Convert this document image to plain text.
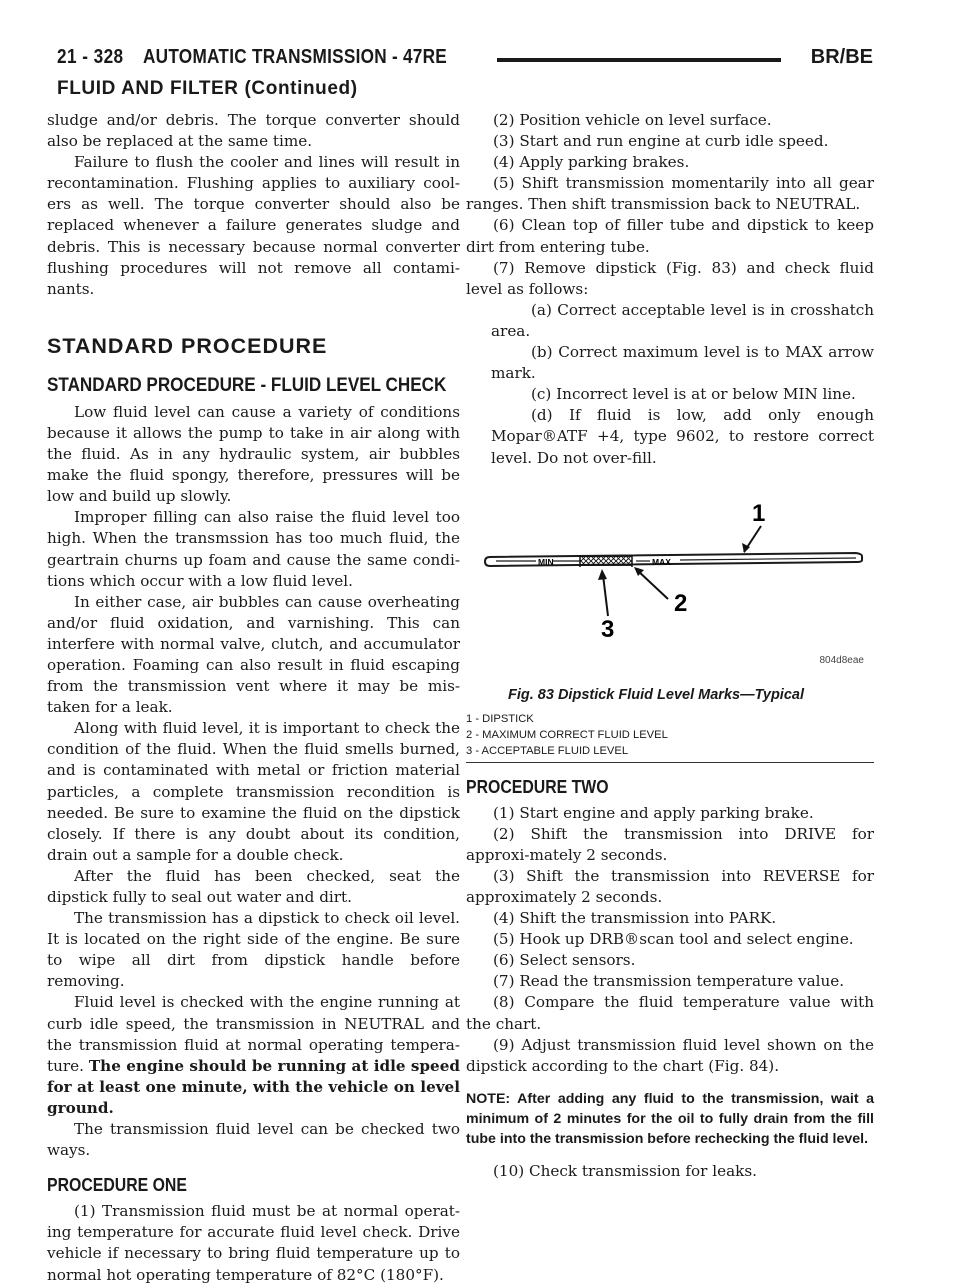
21 - 328 AUTOMATIC TRANSMISSION - 47RE	BR/BE
FLUID AND FILTER (Continued)

sludge and/or debris. The torque converter should also be replaced at the same time.

Failure to flush the cooler and lines will result in recontamination. Flushing applies to auxiliary cool-ers as well. The torque converter should also be replaced whenever a failure generates sludge and debris. This is necessary because normal converter flushing procedures will not remove all contami-nants.

STANDARD PROCEDURE
STANDARD PROCEDURE - FLUID LEVEL CHECK

Low fluid level can cause a variety of conditions because it allows the pump to take in air along with the fluid. As in any hydraulic system, air bubbles make the fluid spongy, therefore, pressures will be low and build up slowly.

Improper filling can also raise the fluid level too high. When the transmssion has too much fluid, the geartrain churns up foam and cause the same condi-tions which occur with a low fluid level.

In either case, air bubbles can cause overheating and/or fluid oxidation, and varnishing. This can interfere with normal valve, clutch, and accumulator operation. Foaming can also result in fluid escaping from the transmission vent where it may be mis-taken for a leak.

Along with fluid level, it is important to check the condition of the fluid. When the fluid smells burned, and is contaminated with metal or friction material particles, a complete transmission recondition is needed. Be sure to examine the fluid on the dipstick closely. If there is any doubt about its condition, drain out a sample for a double check.

After the fluid has been checked, seat the dipstick fully to seal out water and dirt.

The transmission has a dipstick to check oil level. It is located on the right side of the engine. Be sure to wipe all dirt from dipstick handle before removing.

Fluid level is checked with the engine running at curb idle speed, the transmission in NEUTRAL and the transmission fluid at normal operating tempera-ture. The engine should be running at idle speed for at least one minute, with the vehicle on level ground.

The transmission fluid level can be checked two ways.

PROCEDURE ONE

(1) Transmission fluid must be at normal operat-ing temperature for accurate fluid level check. Drive vehicle if necessary to bring fluid temperature up to normal hot operating temperature of 82°C (180°F).

(2) Position vehicle on level surface.

(3) Start and run engine at curb idle speed.

(4) Apply parking brakes.

(5) Shift transmission momentarily into all gear ranges. Then shift transmission back to NEUTRAL.

(6) Clean top of filler tube and dipstick to keep dirt from entering tube.

(7) Remove dipstick (Fig. 83) and check fluid level as follows:

(a) Correct acceptable level is in crosshatch area.

(b) Correct maximum level is to MAX arrow mark.

(c) Incorrect level is at or below MIN line.

(d) If fluid is low, add only enough Mopar®ATF +4, type 9602, to restore correct level. Do not over-fill.

MIN	MAX
1
2
3
804d8eae
Fig. 83 Dipstick Fluid Level Marks—Typical
1 - DIPSTICK
2 - MAXIMUM CORRECT FLUID LEVEL
3 - ACCEPTABLE FLUID LEVEL
PROCEDURE TWO

(1) Start engine and apply parking brake.

(2) Shift the transmission into DRIVE for approxi-mately 2 seconds.

(3) Shift the transmission into REVERSE for approximately 2 seconds.

(4) Shift the transmission into PARK.

(5) Hook up DRB®scan tool and select engine.

(6) Select sensors.

(7) Read the transmission temperature value.

(8) Compare the fluid temperature value with the chart.

(9) Adjust transmission fluid level shown on the dipstick according to the chart (Fig. 84).

NOTE: After adding any fluid to the transmission, wait a minimum of 2 minutes for the oil to fully drain from the fill tube into the transmission before rechecking the fluid level.

(10) Check transmission for leaks.
